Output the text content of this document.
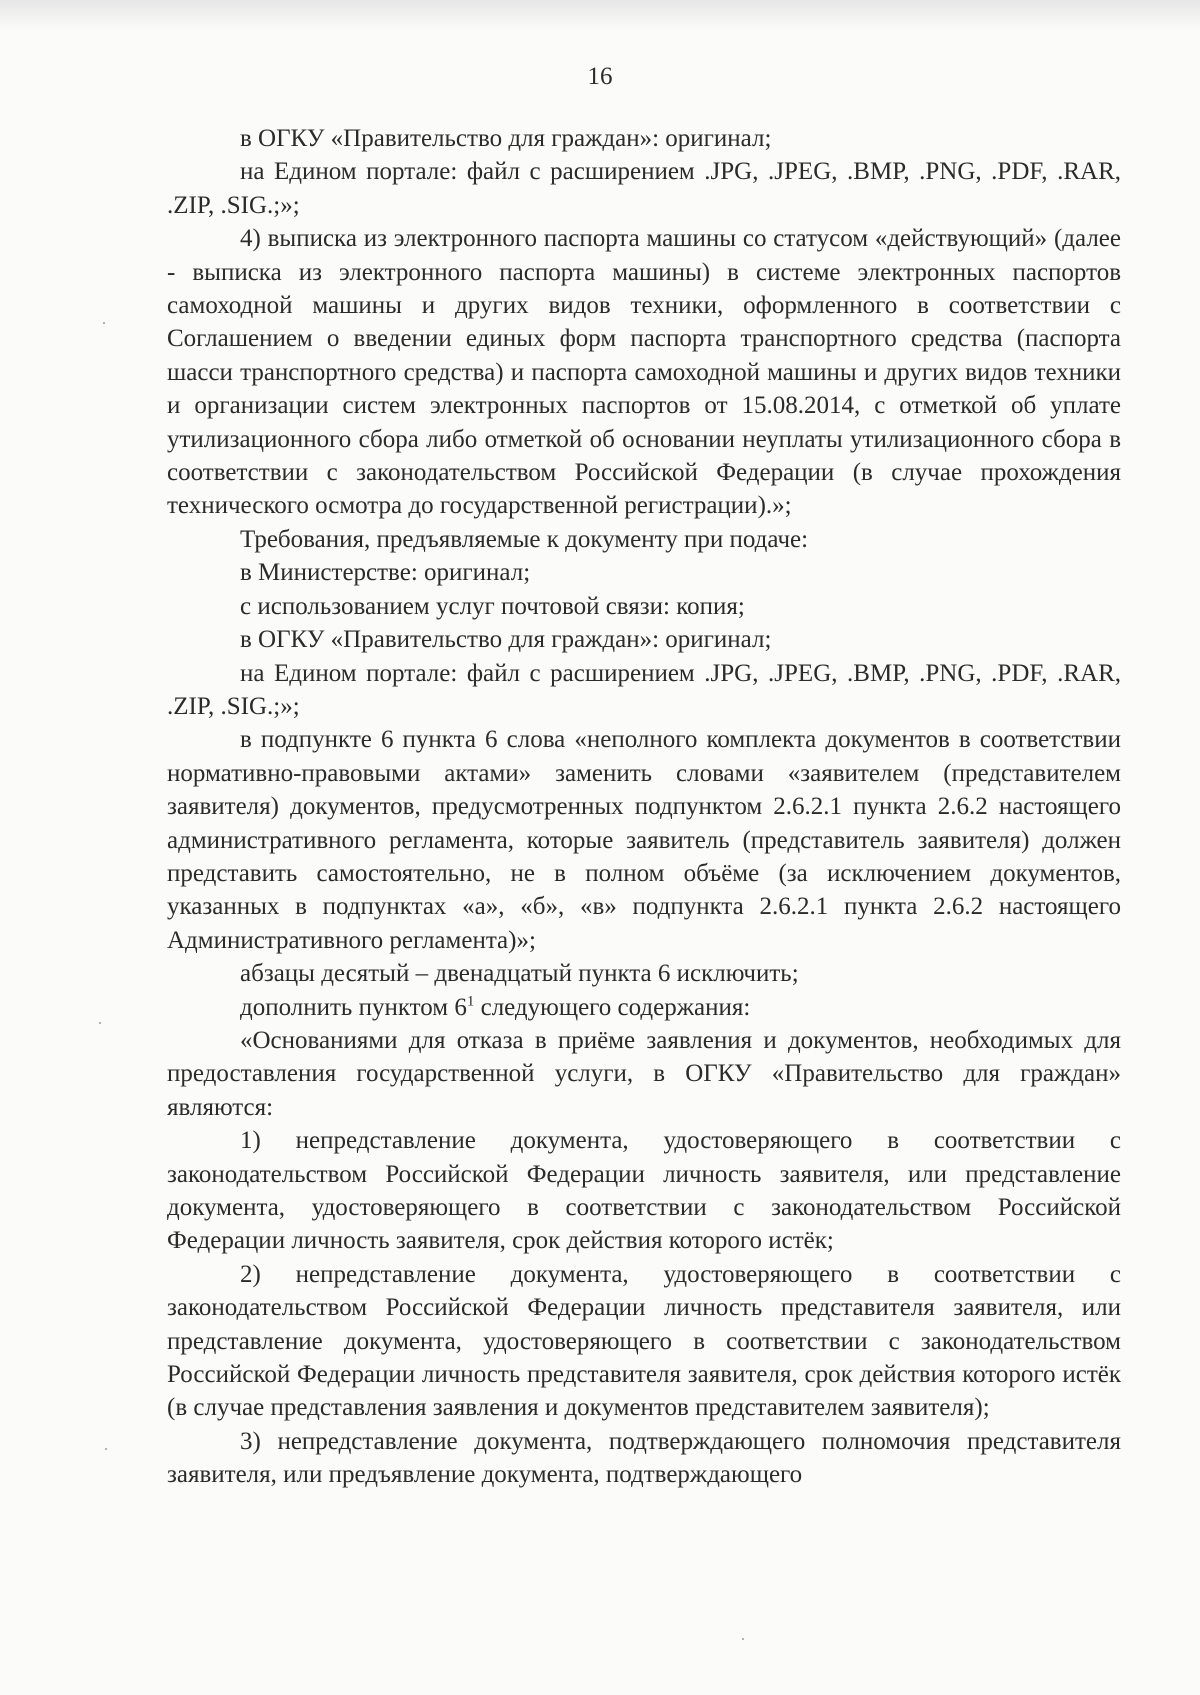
16

в ОГКУ «Правительство для граждан»: оригинал;

на Едином портале: файл с расширением .JPG, .JPEG, .BMP, .PNG, .PDF, .RAR, .ZIP, .SIG.;»;

4) выписка из электронного паспорта машины со статусом «действующий» (далее - выписка из электронного паспорта машины) в системе электронных паспортов самоходной машины и других видов техники, оформленного в соответствии с Соглашением о введении единых форм паспорта транспортного средства (паспорта шасси транспортного средства) и паспорта самоходной машины и других видов техники и организации систем электронных паспортов от 15.08.2014, с отметкой об уплате утилизационного сбора либо отметкой об основании неуплаты утилизационного сбора в соответствии с законодательством Российской Федерации (в случае прохождения технического осмотра до государственной регистрации).»;

Требования, предъявляемые к документу при подаче:

в Министерстве: оригинал;

с использованием услуг почтовой связи: копия;

в ОГКУ «Правительство для граждан»: оригинал;

на Едином портале: файл с расширением .JPG, .JPEG, .BMP, .PNG, .PDF, .RAR, .ZIP, .SIG.;»;

в подпункте 6 пункта 6 слова «неполного комплекта документов в соответствии нормативно-правовыми актами» заменить словами «заявителем (представителем заявителя) документов, предусмотренных подпунктом 2.6.2.1 пункта 2.6.2 настоящего административного регламента, которые заявитель (представитель заявителя) должен представить самостоятельно, не в полном объёме (за исключением документов, указанных в подпунктах «а», «б», «в» подпункта 2.6.2.1 пункта 2.6.2 настоящего Административного регламента)»;

абзацы десятый – двенадцатый пункта 6 исключить;

дополнить пунктом $6^1$ следующего содержания:

«Основаниями для отказа в приёме заявления и документов, необходимых для предоставления государственной услуги, в ОГКУ «Правительство для граждан» являются:

1) непредставление документа, удостоверяющего в соответствии с законодательством Российской Федерации личность заявителя, или представление документа, удостоверяющего в соответствии с законодательством Российской Федерации личность заявителя, срок действия которого истёк;

2) непредставление документа, удостоверяющего в соответствии с законодательством Российской Федерации личность представителя заявителя, или представление документа, удостоверяющего в соответствии с законодательством Российской Федерации личность представителя заявителя, срок действия которого истёк (в случае представления заявления и документов представителем заявителя);

3) непредставление документа, подтверждающего полномочия представителя заявителя, или предъявление документа, подтверждающего
